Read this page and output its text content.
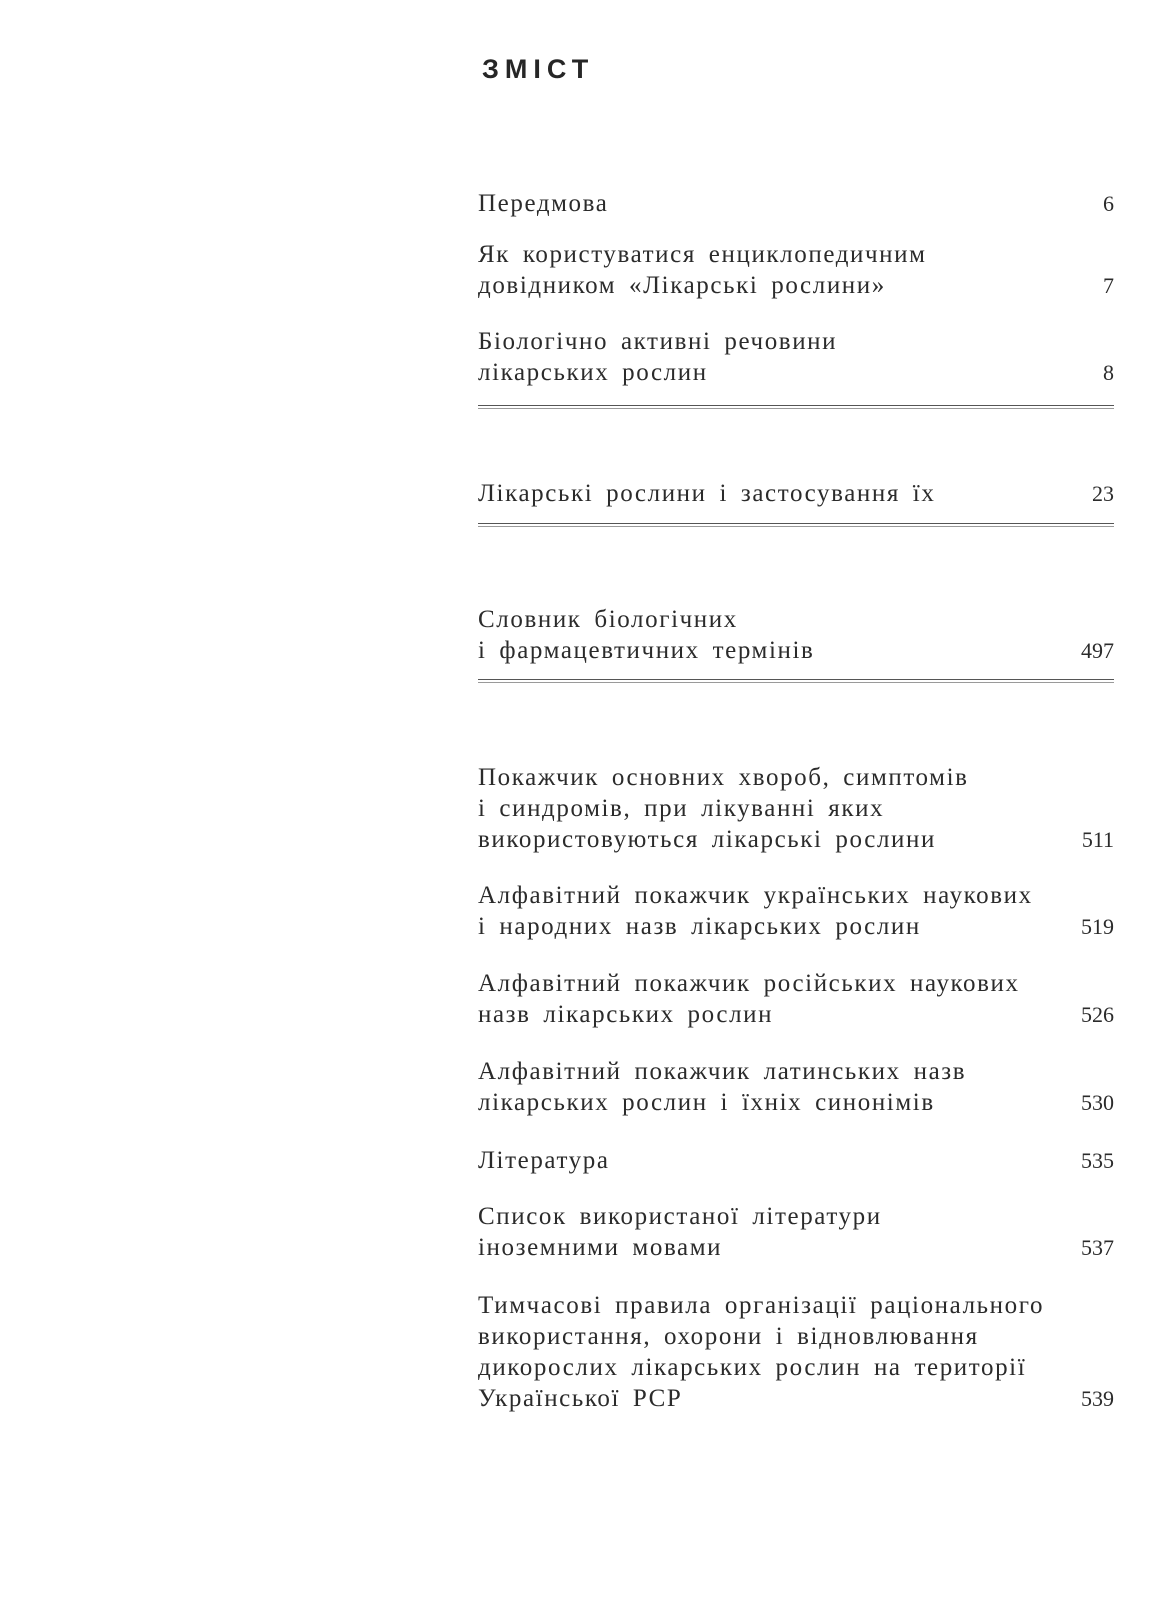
ЗМІСТ
Передмова	6
Як користуватися енциклопедичним
довідником «Лікарські рослини»	7
Біологічно активні речовини
лікарських рослин	8
Лікарські рослини і застосування їх	23
Словник біологічних
і фармацевтичних термінів	497
Покажчик основних хвороб, симптомів
і синдромів, при лікуванні яких
використовуються лікарські рослини	511
Алфавітний покажчик українських наукових
і народних назв лікарських рослин	519
Алфавітний покажчик російських наукових
назв лікарських рослин	526
Алфавітний покажчик латинських назв
лікарських рослин і їхніх синонімів	530
Література	535
Список використаної літератури
іноземними мовами	537
Тимчасові правила організації раціонального
використання, охорони і відновлювання
дикорослих лікарських рослин на території
Української РСР	539
